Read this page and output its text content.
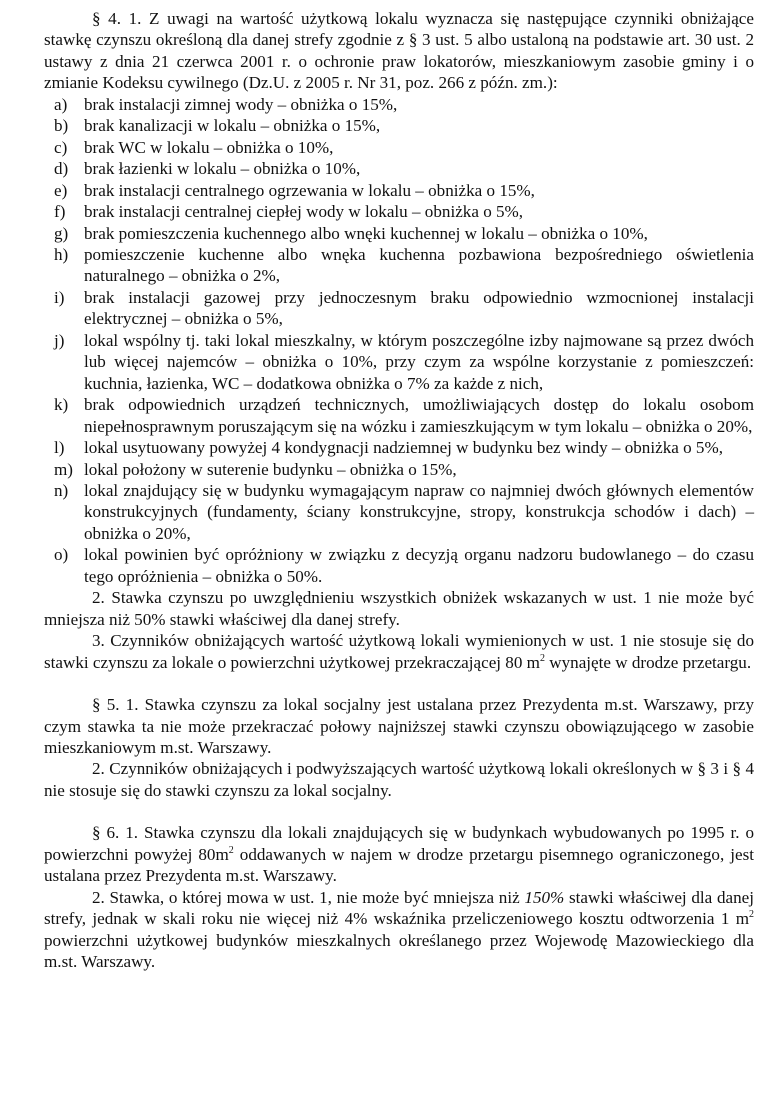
§ 4. 1. Z uwagi na wartość użytkową lokalu wyznacza się następujące czynniki obniżające stawkę czynszu określoną dla danej strefy zgodnie z § 3 ust. 5 albo ustaloną na podstawie art. 30 ust. 2 ustawy z dnia 21 czerwca 2001 r. o ochronie praw lokatorów, mieszkaniowym zasobie gminy i o zmianie Kodeksu cywilnego (Dz.U. z 2005 r. Nr 31, poz. 266 z późn. zm.):

a) brak instalacji zimnej wody – obniżka o 15%,
b) brak kanalizacji w lokalu – obniżka o 15%,
c) brak WC w lokalu – obniżka o 10%,
d) brak łazienki w lokalu – obniżka o 10%,
e) brak instalacji centralnego ogrzewania w lokalu – obniżka o 15%,
f) brak instalacji centralnej ciepłej wody w lokalu – obniżka o 5%,
g) brak pomieszczenia kuchennego albo wnęki kuchennej w lokalu – obniżka o 10%,
h) pomieszczenie kuchenne albo wnęka kuchenna pozbawiona bezpośredniego oświetlenia naturalnego – obniżka o 2%,
i) brak instalacji gazowej przy jednoczesnym braku odpowiednio wzmocnionej instalacji elektrycznej – obniżka o 5%,
j) lokal wspólny tj. taki lokal mieszkalny, w którym poszczególne izby najmowane są przez dwóch lub więcej najemców – obniżka o 10%, przy czym za wspólne korzystanie z pomieszczeń: kuchnia, łazienka, WC – dodatkowa obniżka o 7% za każde z nich,
k) brak odpowiednich urządzeń technicznych, umożliwiających dostęp do lokalu osobom niepełnosprawnym poruszającym się na wózku i zamieszkującym w tym lokalu – obniżka o 20%,
l) lokal usytuowany powyżej 4 kondygnacji nadziemnej w budynku bez windy – obniżka o 5%,
m) lokal położony w suterenie budynku – obniżka o 15%,
n) lokal znajdujący się w budynku wymagającym napraw co najmniej dwóch głównych elementów konstrukcyjnych (fundamenty, ściany konstrukcyjne, stropy, konstrukcja schodów i dach) – obniżka o 20%,
o) lokal powinien być opróżniony w związku z decyzją organu nadzoru budowlanego – do czasu tego opróżnienia – obniżka o 50%.

2. Stawka czynszu po uwzględnieniu wszystkich obniżek wskazanych w ust. 1 nie może być mniejsza niż 50% stawki właściwej dla danej strefy.

3. Czynników obniżających wartość użytkową lokali wymienionych w ust. 1 nie stosuje się do stawki czynszu za lokale o powierzchni użytkowej przekraczającej 80 $m^2$ wynajęte w drodze przetargu.

§ 5. 1. Stawka czynszu za lokal socjalny jest ustalana przez Prezydenta m.st. Warszawy, przy czym stawka ta nie może przekraczać połowy najniższej stawki czynszu obowiązującego w zasobie mieszkaniowym m.st. Warszawy.

2. Czynników obniżających i podwyższających wartość użytkową lokali określonych w § 3 i § 4 nie stosuje się do stawki czynszu za lokal socjalny.

§ 6. 1. Stawka czynszu dla lokali znajdujących się w budynkach wybudowanych po 1995 r. o powierzchni powyżej $80m^2$ oddawanych w najem w drodze przetargu pisemnego ograniczonego, jest ustalana przez Prezydenta m.st. Warszawy.

2. Stawka, o której mowa w ust. 1, nie może być mniejsza niż 150% stawki właściwej dla danej strefy, jednak w skali roku nie więcej niż 4% wskaźnika przeliczeniowego kosztu odtworzenia 1 $m^2$ powierzchni użytkowej budynków mieszkalnych określanego przez Wojewodę Mazowieckiego dla m.st. Warszawy.
